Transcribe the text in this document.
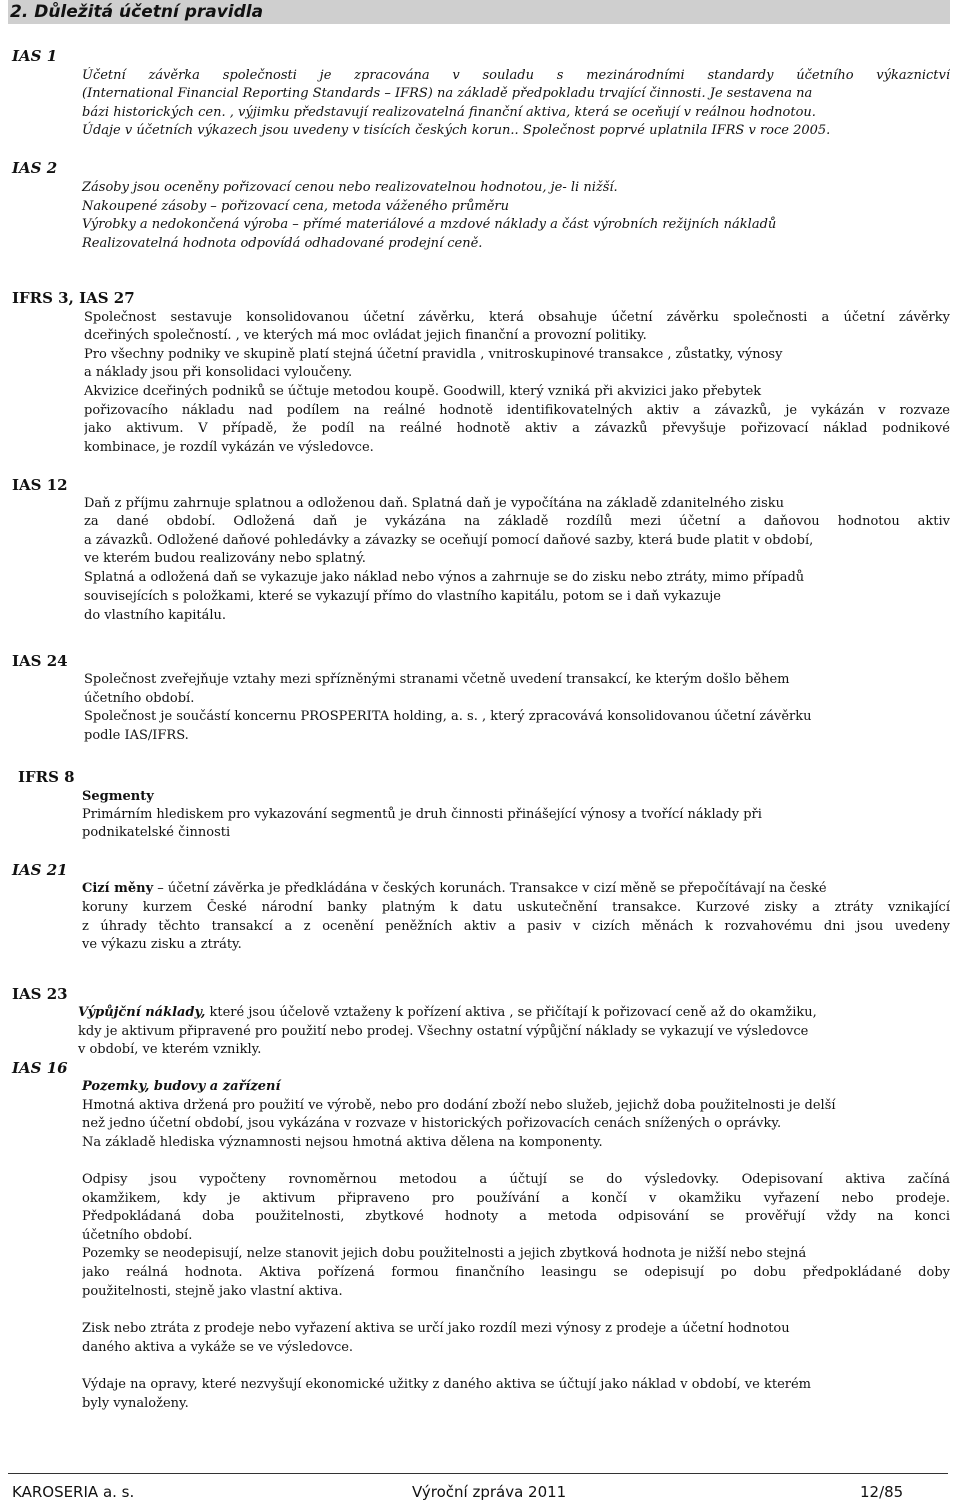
2. Důležitá účetní pravidla
IAS 1
Účetní závěrka společnosti je zpracována v souladu s mezinárodními standardy účetního výkaznictví
(International Financial Reporting Standards – IFRS) na základě předpokladu trvající činnosti. Je sestavena na
bázi historických cen. , výjimku představují realizovatelná finanční aktiva, která se oceňují v reálnou hodnotou.
Údaje v účetních výkazech jsou uvedeny v tisících českých korun.. Společnost poprvé uplatnila IFRS v roce 2005.
IAS 2
Zásoby jsou oceněny pořizovací cenou nebo realizovatelnou hodnotou, je- li nižší.
Nakoupené zásoby – pořizovací cena, metoda váženého průměru
Výrobky a nedokončená výroba – přímé materiálové a mzdové náklady a část výrobních režijních nákladů
Realizovatelná hodnota odpovídá odhadované prodejní ceně.
IFRS 3, IAS 27
Společnost sestavuje konsolidovanou účetní závěrku, která obsahuje účetní závěrku společnosti a účetní závěrky
dceřiných společností. , ve kterých má moc ovládat jejich finanční a provozní politiky.
Pro všechny podniky ve skupině platí stejná účetní pravidla , vnitroskupinové transakce , zůstatky, výnosy
a náklady jsou při konsolidaci vyloučeny.
Akvizice dceřiných podniků se účtuje metodou koupě. Goodwill, který vzniká při akvizici jako přebytek
pořizovacího nákladu nad podílem na reálné hodnotě identifikovatelných aktiv a závazků, je vykázán v rozvaze
jako aktivum. V případě, že podíl na reálné hodnotě aktiv a závazků převyšuje pořizovací náklad podnikové
kombinace, je rozdíl vykázán ve výsledovce.
IAS 12
Daň z příjmu zahrnuje splatnou a odloženou daň. Splatná daň je vypočítána na základě zdanitelného zisku
za dané období. Odložená daň je vykázána na základě rozdílů mezi účetní a daňovou hodnotou aktiv
a závazků. Odložené daňové pohledávky a závazky se oceňují pomocí daňové sazby, která bude platit v období,
ve kterém budou realizovány nebo splatný.
Splatná a odložená daň se vykazuje jako náklad nebo výnos a zahrnuje se do zisku nebo ztráty, mimo případů
souvisejících s položkami, které se vykazují přímo do vlastního kapitálu, potom se i daň vykazuje
do vlastního kapitálu.
IAS 24
Společnost zveřejňuje vztahy mezi spřízněnými stranami včetně uvedení transakcí, ke kterým došlo během
účetního období.
Společnost je součástí koncernu PROSPERITA holding, a. s. , který zpracovává konsolidovanou účetní závěrku
podle IAS/IFRS.
IFRS 8
Segmenty
Primárním hlediskem pro vykazování segmentů je druh činnosti přinášející výnosy a tvořící náklady při
podnikatelské činnosti
IAS 21
Cizí měny – účetní závěrka je předkládána v českých korunách. Transakce v cizí měně se přepočítávají na české
koruny kurzem České národní banky platným k datu uskutečnění transakce. Kurzové zisky a ztráty vznikající
z úhrady těchto transakcí a z ocenění peněžních aktiv a pasiv v cizích měnách k rozvahovému dni jsou uvedeny
ve výkazu zisku a ztráty.
IAS 23
Výpůjční náklady, které jsou účelově vztaženy k pořízení aktiva , se přičítají k pořizovací ceně až do okamžiku,
kdy je aktivum připravené pro použití nebo prodej. Všechny ostatní výpůjční náklady se vykazují ve výsledovce
v období, ve kterém vznikly.
IAS 16
Pozemky, budovy a zařízení
Hmotná aktiva držená pro použití ve výrobě, nebo pro dodání zboží nebo služeb, jejichž doba použitelnosti je delší
než jedno účetní období, jsou vykázána v rozvaze v historických pořizovacích cenách snížených o oprávky.
Na základě hlediska významnosti nejsou hmotná aktiva dělena na komponenty.
Odpisy jsou vypočteny rovnoměrnou metodou a účtují se do výsledovky. Odepisovaní aktiva začíná
okamžikem, kdy je aktivum připraveno pro používání a končí v okamžiku vyřazení nebo prodeje.
Předpokládaná doba použitelnosti, zbytkové hodnoty a metoda odpisování se prověřují vždy na konci
účetního období.
Pozemky se neodepisují, nelze stanovit jejich dobu použitelnosti a jejich zbytková hodnota je nižší nebo stejná
jako reálná hodnota. Aktiva pořízená formou finančního leasingu se odepisují po dobu předpokládané doby
použitelnosti, stejně jako vlastní aktiva.
Zisk nebo ztráta z prodeje nebo vyřazení aktiva se určí jako rozdíl mezi výnosy z prodeje a účetní hodnotou
daného aktiva a vykáže se ve výsledovce.
Výdaje na opravy, které nezvyšují ekonomické užitky z daného aktiva se účtují jako náklad v období, ve kterém
byly vynaloženy.
KAROSERIA a. s.	Výroční zpráva 2011	12/85
